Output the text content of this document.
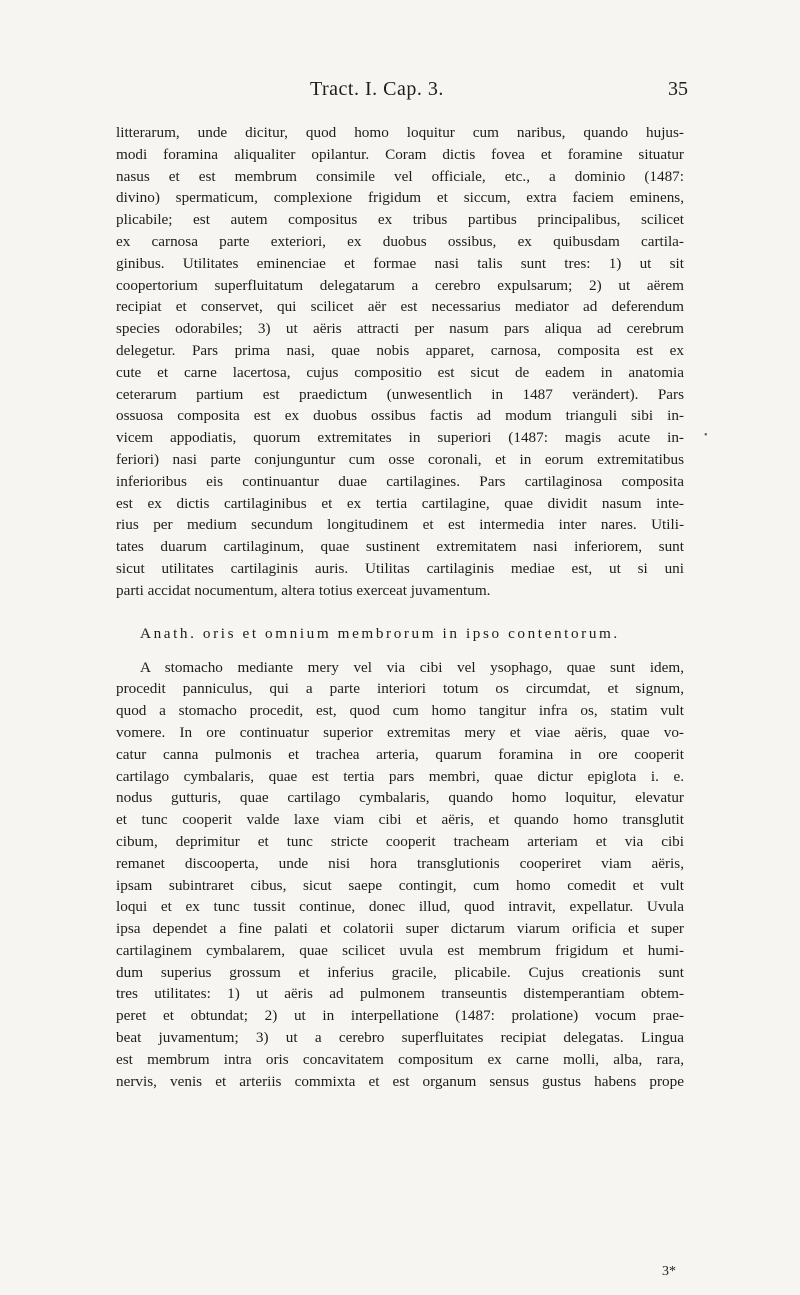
Tract. I. Cap. 3.	35
•
litterarum, unde dicitur, quod homo loquitur cum naribus, quando hujus-
modi foramina aliqualiter opilantur. Coram dictis fovea et foramine situatur
nasus et est membrum consimile vel officiale, etc., a dominio (1487:
divino) spermaticum, complexione frigidum et siccum, extra faciem eminens,
plicabile; est autem compositus ex tribus partibus principalibus, scilicet
ex carnosa parte exteriori, ex duobus ossibus, ex quibusdam cartila-
ginibus. Utilitates eminenciae et formae nasi talis sunt tres: 1) ut sit
coopertorium superfluitatum delegatarum a cerebro expulsarum; 2) ut aërem
recipiat et conservet, qui scilicet aër est necessarius mediator ad deferendum
species odorabiles; 3) ut aëris attracti per nasum pars aliqua ad cerebrum
delegetur. Pars prima nasi, quae nobis apparet, carnosa, composita est ex
cute et carne lacertosa, cujus compositio est sicut de eadem in anatomia
ceterarum partium est praedictum (unwesentlich in 1487 verändert). Pars
ossuosa composita est ex duobus ossibus factis ad modum trianguli sibi in-
vicem appodiatis, quorum extremitates in superiori (1487: magis acute in-
feriori) nasi parte conjunguntur cum osse coronali, et in eorum extremitatibus
inferioribus eis continuantur duae cartilagines. Pars cartilaginosa composita
est ex dictis cartilaginibus et ex tertia cartilagine, quae dividit nasum inte-
rius per medium secundum longitudinem et est intermedia inter nares. Utili-
tates duarum cartilaginum, quae sustinent extremitatem nasi inferiorem, sunt
sicut utilitates cartilaginis auris. Utilitas cartilaginis mediae est, ut si uni
parti accidat nocumentum, altera totius exerceat juvamentum.
Anath. oris et omnium membrorum in ipso contentorum.
A stomacho mediante mery vel via cibi vel ysophago, quae sunt idem,
procedit panniculus, qui a parte interiori totum os circumdat, et signum,
quod a stomacho procedit, est, quod cum homo tangitur infra os, statim vult
vomere. In ore continuatur superior extremitas mery et viae aëris, quae vo-
catur canna pulmonis et trachea arteria, quarum foramina in ore cooperit
cartilago cymbalaris, quae est tertia pars membri, quae dictur epiglota i. e.
nodus gutturis, quae cartilago cymbalaris, quando homo loquitur, elevatur
et tunc cooperit valde laxe viam cibi et aëris, et quando homo transglutit
cibum, deprimitur et tunc stricte cooperit tracheam arteriam et via cibi
remanet discooperta, unde nisi hora transglutionis cooperiret viam aëris,
ipsam subintraret cibus, sicut saepe contingit, cum homo comedit et vult
loqui et ex tunc tussit continue, donec illud, quod intravit, expellatur. Uvula
ipsa dependet a fine palati et colatorii super dictarum viarum orificia et super
cartilaginem cymbalarem, quae scilicet uvula est membrum frigidum et humi-
dum superius grossum et inferius gracile, plicabile. Cujus creationis sunt
tres utilitates: 1) ut aëris ad pulmonem transeuntis distemperantiam obtem-
peret et obtundat; 2) ut in interpellatione (1487: prolatione) vocum prae-
beat juvamentum; 3) ut a cerebro superfluitates recipiat delegatas. Lingua
est membrum intra oris concavitatem compositum ex carne molli, alba, rara,
nervis, venis et arteriis commixta et est organum sensus gustus habens prope
3*
